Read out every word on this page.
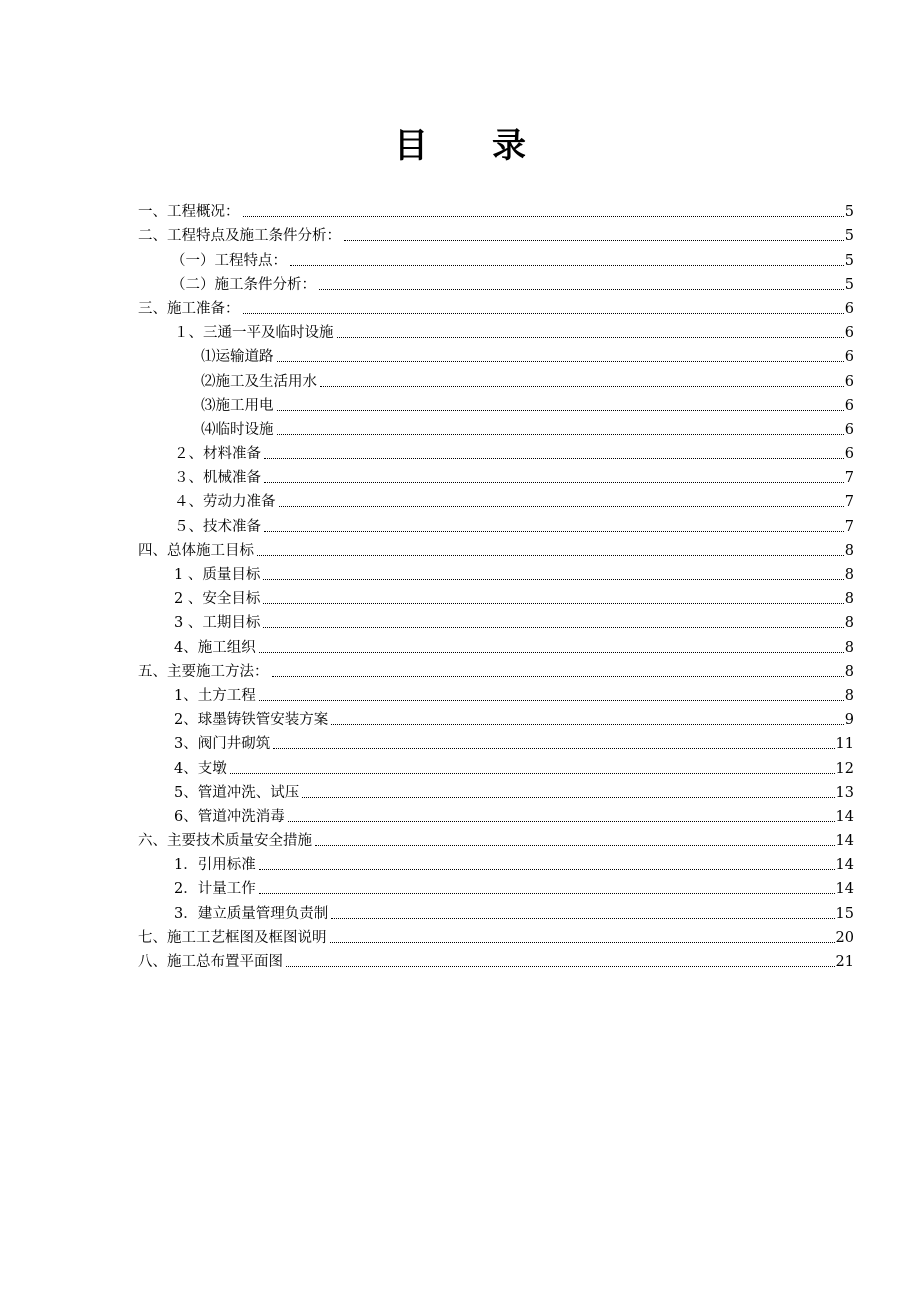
目 录
一、工程概况：	5
二、工程特点及施工条件分析：	5
（一）工程特点：	5
（二）施工条件分析：	5
三、施工准备：	6
１、三通一平及临时设施	6
⑴运输道路	6
⑵施工及生活用水	6
⑶施工用电	6
⑷临时设施	6
２、材料准备	6
３、机械准备	7
４、劳动力准备	7
５、技术准备	7
四、总体施工目标	8
1 、质量目标	8
2 、安全目标	8
3 、工期目标	8
4、施工组织	8
五、主要施工方法：	8
1、土方工程	8
2、球墨铸铁管安装方案	9
3、阀门井砌筑	11
4、支墩	12
5、管道冲洗、试压	13
6、管道冲洗消毒	14
六、主要技术质量安全措施	14
1．引用标准	14
2．计量工作	14
3．建立质量管理负责制	15
七、施工工艺框图及框图说明	20
八、施工总布置平面图	21
